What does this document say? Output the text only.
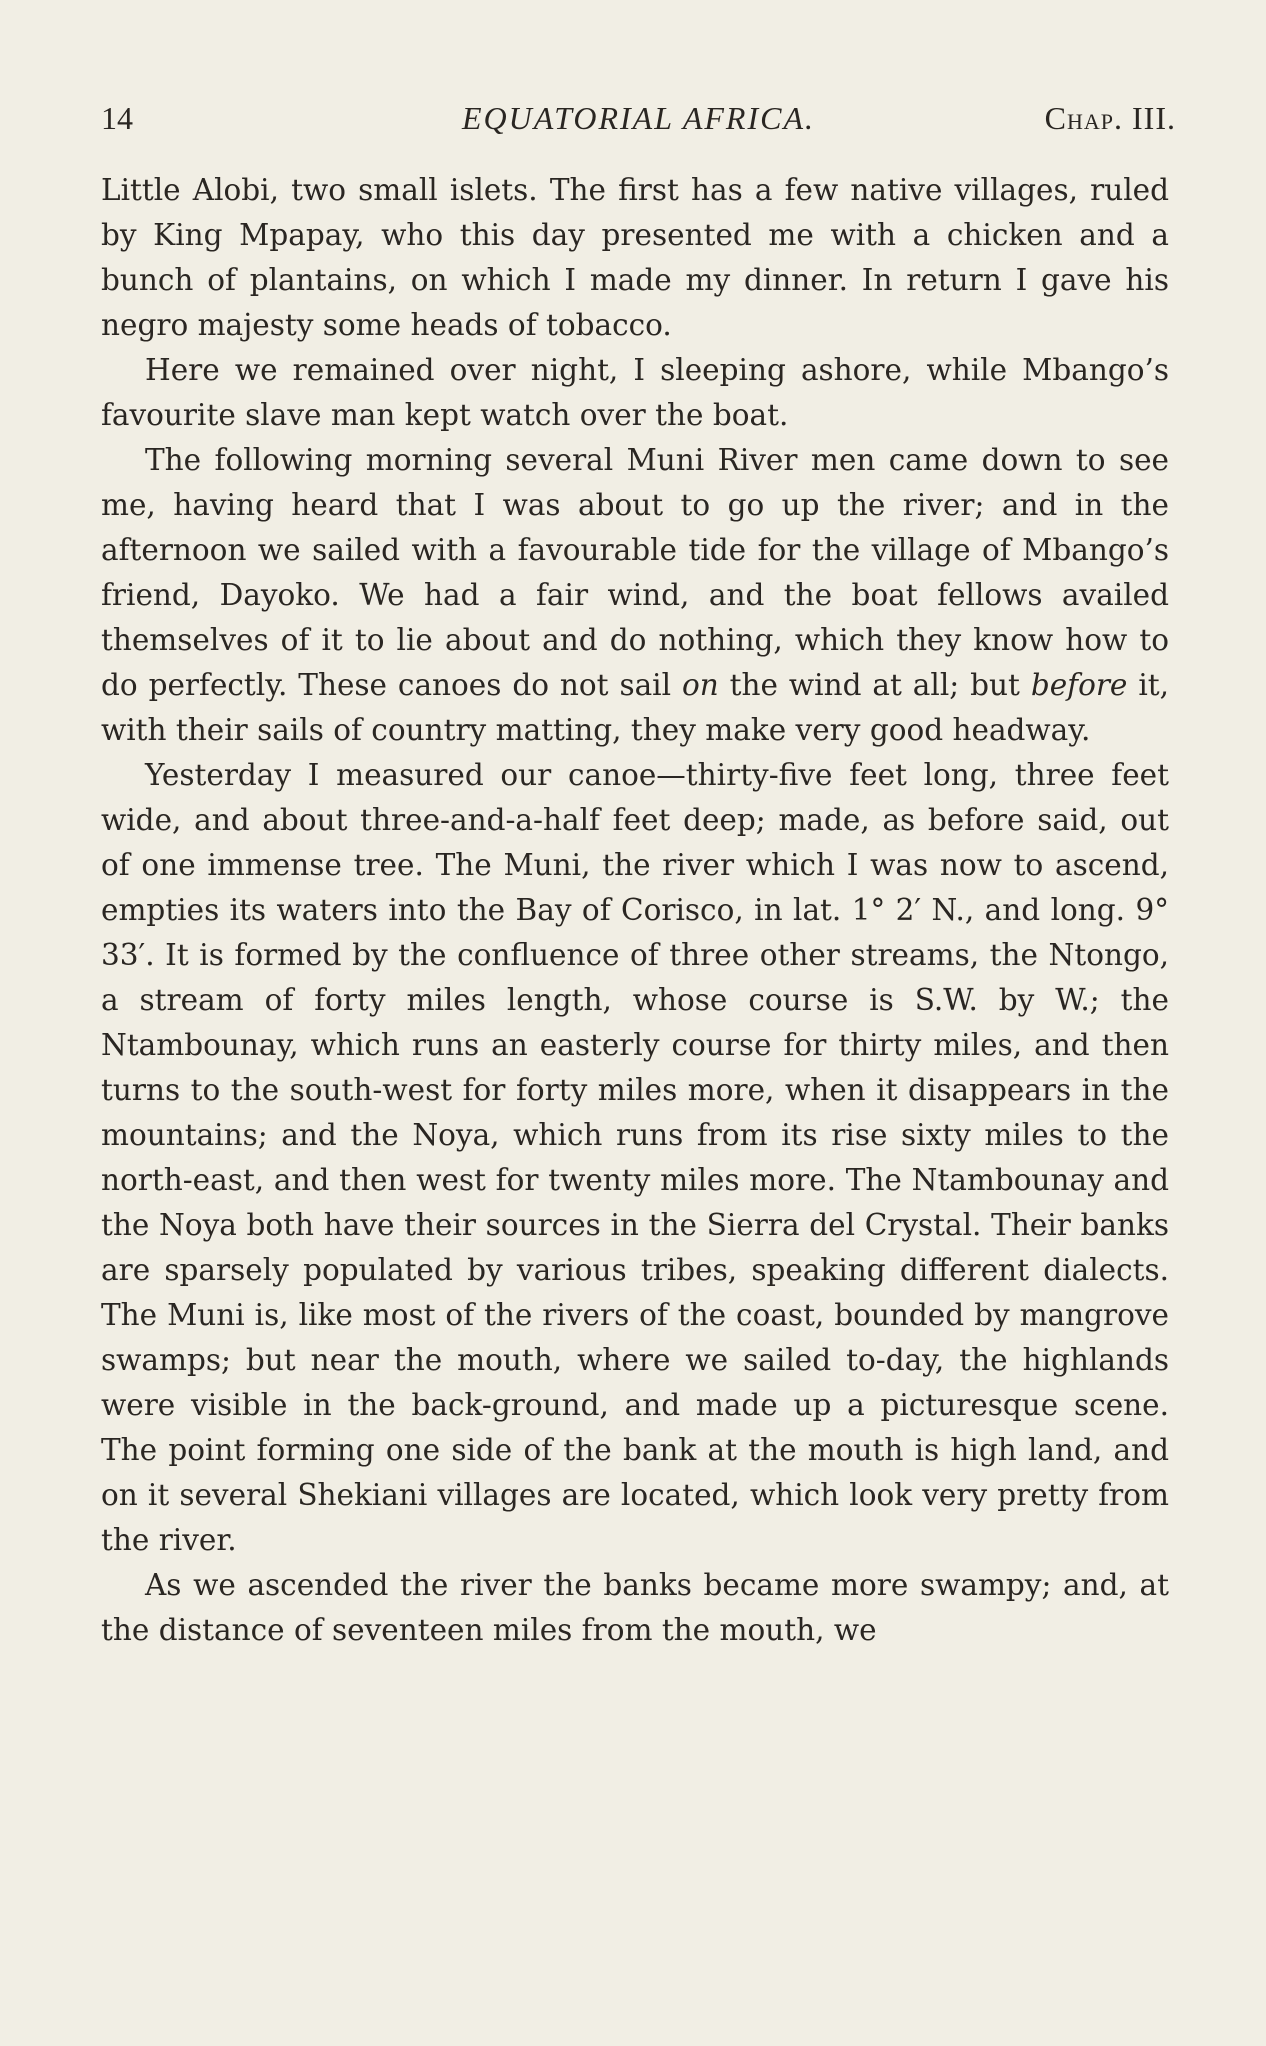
14	EQUATORIAL AFRICA.	Chap. III.

Little Alobi, two small islets. The first has a few native villages, ruled by King Mpapay, who this day presented me with a chicken and a bunch of plantains, on which I made my dinner. In return I gave his negro majesty some heads of tobacco.

Here we remained over night, I sleeping ashore, while Mbango’s favourite slave man kept watch over the boat.

The following morning several Muni River men came down to see me, having heard that I was about to go up the river; and in the afternoon we sailed with a favourable tide for the village of Mbango’s friend, Dayoko. We had a fair wind, and the boat fellows availed themselves of it to lie about and do nothing, which they know how to do perfectly. These canoes do not sail on the wind at all; but before it, with their sails of country matting, they make very good headway.

Yesterday I measured our canoe—thirty-five feet long, three feet wide, and about three-and-a-half feet deep; made, as before said, out of one immense tree. The Muni, the river which I was now to ascend, empties its waters into the Bay of Corisco, in lat. 1° 2′ N., and long. 9° 33′. It is formed by the confluence of three other streams, the Ntongo, a stream of forty miles length, whose course is S.W. by W.; the Ntambounay, which runs an easterly course for thirty miles, and then turns to the south-west for forty miles more, when it disappears in the mountains; and the Noya, which runs from its rise sixty miles to the north-east, and then west for twenty miles more. The Ntambounay and the Noya both have their sources in the Sierra del Crystal. Their banks are sparsely populated by various tribes, speaking different dialects. The Muni is, like most of the rivers of the coast, bounded by mangrove swamps; but near the mouth, where we sailed to-day, the highlands were visible in the back-ground, and made up a picturesque scene. The point forming one side of the bank at the mouth is high land, and on it several Shekiani villages are located, which look very pretty from the river.

As we ascended the river the banks became more swampy; and, at the distance of seventeen miles from the mouth, we
